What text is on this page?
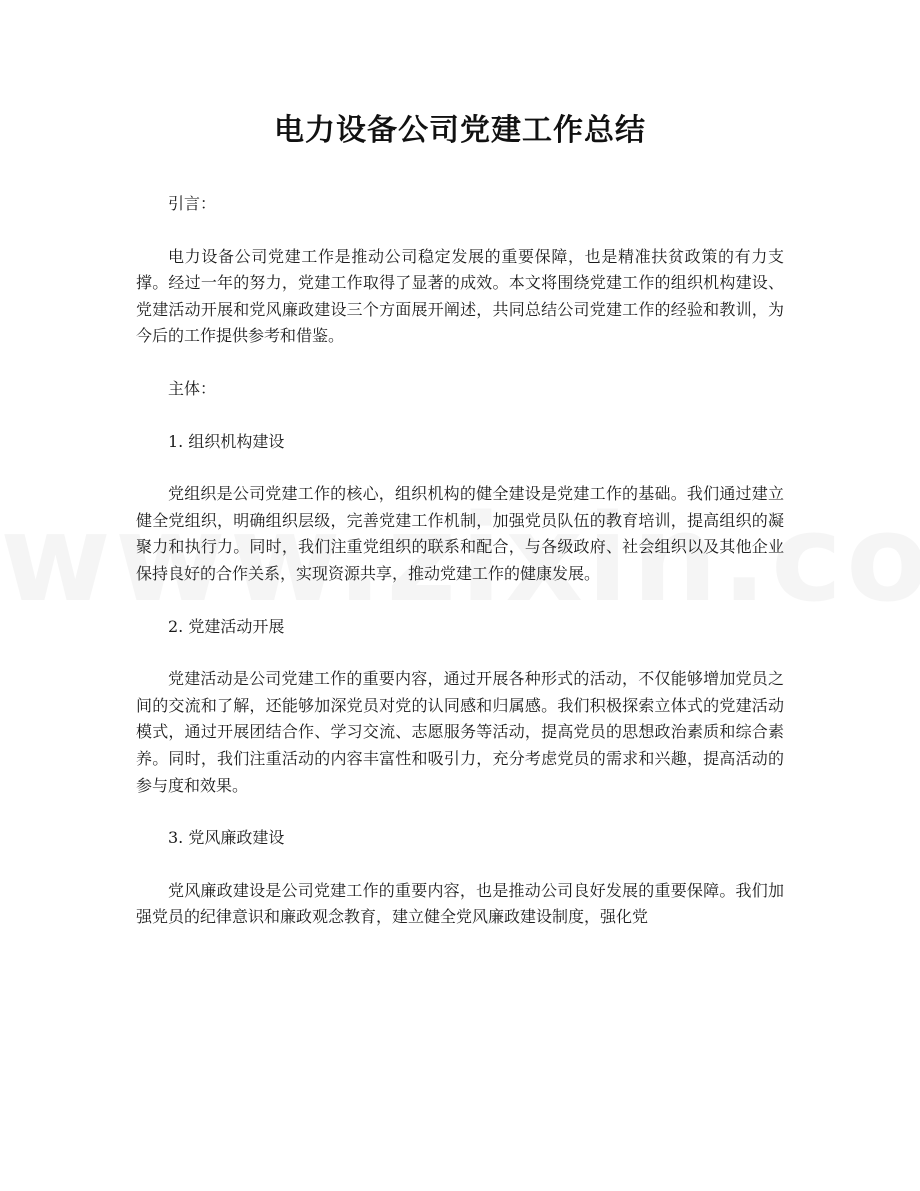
电力设备公司党建工作总结

引言：

电力设备公司党建工作是推动公司稳定发展的重要保障，也是精准扶贫政策的有力支撑。经过一年的努力，党建工作取得了显著的成效。本文将围绕党建工作的组织机构建设、党建活动开展和党风廉政建设三个方面展开阐述，共同总结公司党建工作的经验和教训，为今后的工作提供参考和借鉴。

主体：

1. 组织机构建设

党组织是公司党建工作的核心，组织机构的健全建设是党建工作的基础。我们通过建立健全党组织，明确组织层级，完善党建工作机制，加强党员队伍的教育培训，提高组织的凝聚力和执行力。同时，我们注重党组织的联系和配合，与各级政府、社会组织以及其他企业保持良好的合作关系，实现资源共享，推动党建工作的健康发展。

2. 党建活动开展

党建活动是公司党建工作的重要内容，通过开展各种形式的活动，不仅能够增加党员之间的交流和了解，还能够加深党员对党的认同感和归属感。我们积极探索立体式的党建活动模式，通过开展团结合作、学习交流、志愿服务等活动，提高党员的思想政治素质和综合素养。同时，我们注重活动的内容丰富性和吸引力，充分考虑党员的需求和兴趣，提高活动的参与度和效果。

3. 党风廉政建设

党风廉政建设是公司党建工作的重要内容，也是推动公司良好发展的重要保障。我们加强党员的纪律意识和廉政观念教育，建立健全党风廉政建设制度，强化党
